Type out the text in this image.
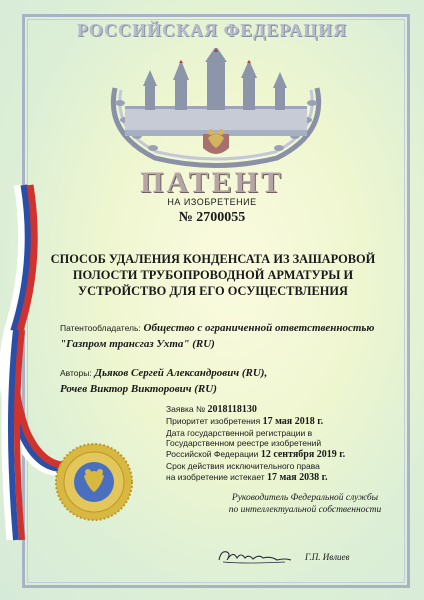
РОССИЙСКАЯ ФЕДЕРАЦИЯ
ПАТЕНТ
НА ИЗОБРЕТЕНИЕ
№ 2700055
СПОСОБ УДАЛЕНИЯ КОНДЕНСАТА ИЗ ЗАШАРОВОЙ
ПОЛОСТИ ТРУБОПРОВОДНОЙ АРМАТУРЫ И
УСТРОЙСТВО ДЛЯ ЕГО ОСУЩЕСТВЛЕНИЯ
Патентообладатель: Общество с ограниченной ответственностью
"Газпром трансгаз Ухта" (RU)
Авторы: Дьяков Сергей Александрович (RU),
Рочев Виктор Викторович (RU)
Заявка № 2018118130
Приоритет изобретения 17 мая 2018 г.
Дата государственной регистрации в
Государственном реестре изобретений
Российской Федерации 12 сентября 2019 г.
Срок действия исключительного права
на изобретение истекает 17 мая 2038 г.
Руководитель Федеральной службы
по интеллектуальной собственности
Г.П. Ивлиев
